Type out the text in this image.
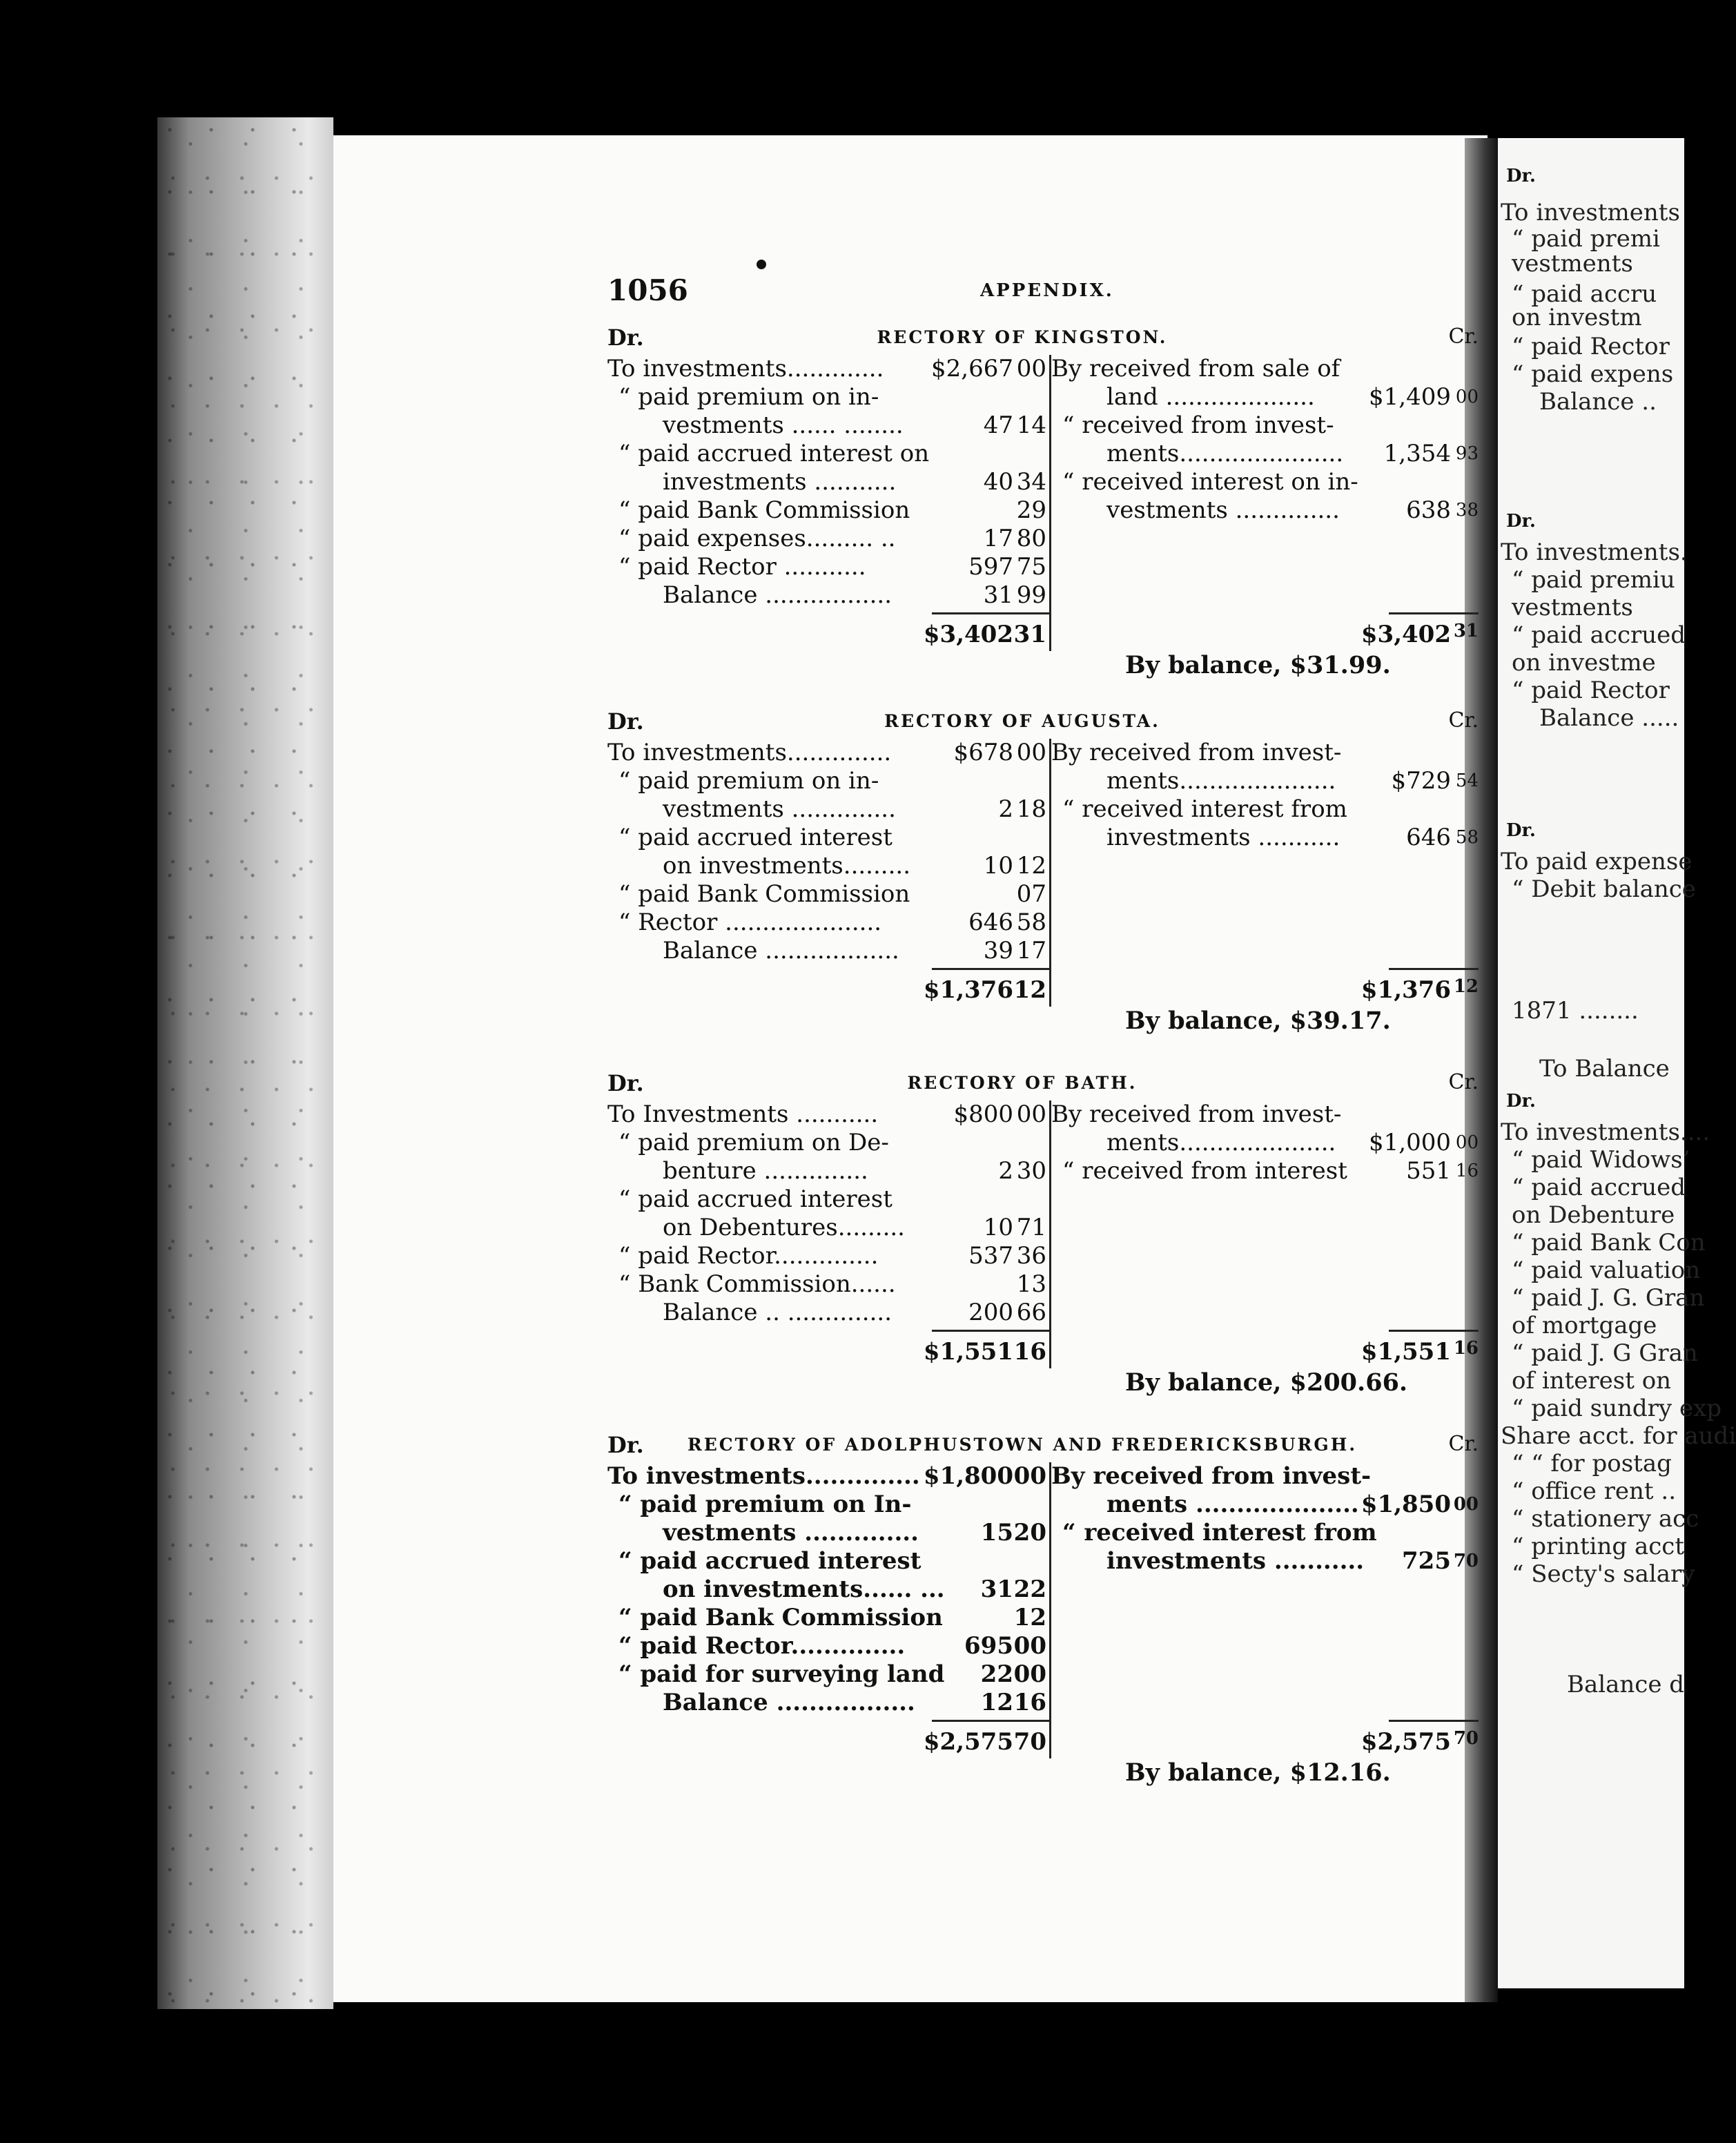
Dr.
To investments
“ paid premi
vestments
“ paid accru
on investm
“ paid Rector
“ paid expens
Balance ..
Dr.
To investments.
“ paid premiu
vestments
“ paid accrued
on investme
“ paid Rector
Balance .....
Dr.
To paid expense
“ Debit balance
1871 ........
To Balance
Dr.
To investments....
“ paid Widows’
“ paid accrued
on Debenture
“ paid Bank Con
“ paid valuation
“ paid J. G. Gran
of mortgage
“ paid J. G Gran
of interest on
“ paid sundry exp
Share acct. for audi
“ “ for postag
“ office rent ..
“ stationery acc
“ printing acct
“ Secty's salary
Balance d
1056	APPENDIX.
Dr.	RECTORY OF KINGSTON.	Cr.
To investments............. $2,667 00
“ paid premium on in-
vestments ...... ........	47 14
“ paid accrued interest on
investments ...........	40 34
“ paid Bank Commission	29
“ paid expenses......... ..	17 80
“ paid Rector ...........	597 75
Balance .................	31 99
$3,402 31
By received from sale of
land .................... $1,409 00
“ received from invest-
ments...................... 1,354 93
“ received interest on in-
vestments ..............	638 38
$3,402 31
By balance, $31.99.
Dr.	RECTORY OF AUGUSTA.	Cr.
To investments..............	$678 00
“ paid premium on in-
vestments ..............	2 18
“ paid accrued interest
on investments.........	10 12
“ paid Bank Commission	07
“ Rector .....................	646 58
Balance ..................	39 17
$1,376 12
By received from invest-
ments..................... $729 54
“ received interest from
investments ...........	646 58
$1,376 12
By balance, $39.17.
Dr.	RECTORY OF BATH.	Cr.
To Investments ...........	$800 00
“ paid premium on De-
benture ..............	2 30
“ paid accrued interest
on Debentures.........	10 71
“ paid Rector..............	537 36
“ Bank Commission......	13
Balance .. ..............	200 66
$1,551 16
By received from invest-
ments..................... $1,000 00
“ received from interest	551 16
$1,551 16
By balance, $200.66.
Dr.	RECTORY OF ADOLPHUSTOWN AND FREDERICKSBURGH.	Cr.
To investments.............. $1,800 00
“ paid premium on In-
vestments ..............	15 20
“ paid accrued interest
on investments...... ... 31 22
“ paid Bank Commission	12
“ paid Rector..............	695 00
“ paid for surveying land 22 00
Balance .................	12 16
$2,575 70
By received from invest-
ments .................... $1,850 00
“ received interest from
investments ........... 725 70
$2,575 70
By balance, $12.16.
